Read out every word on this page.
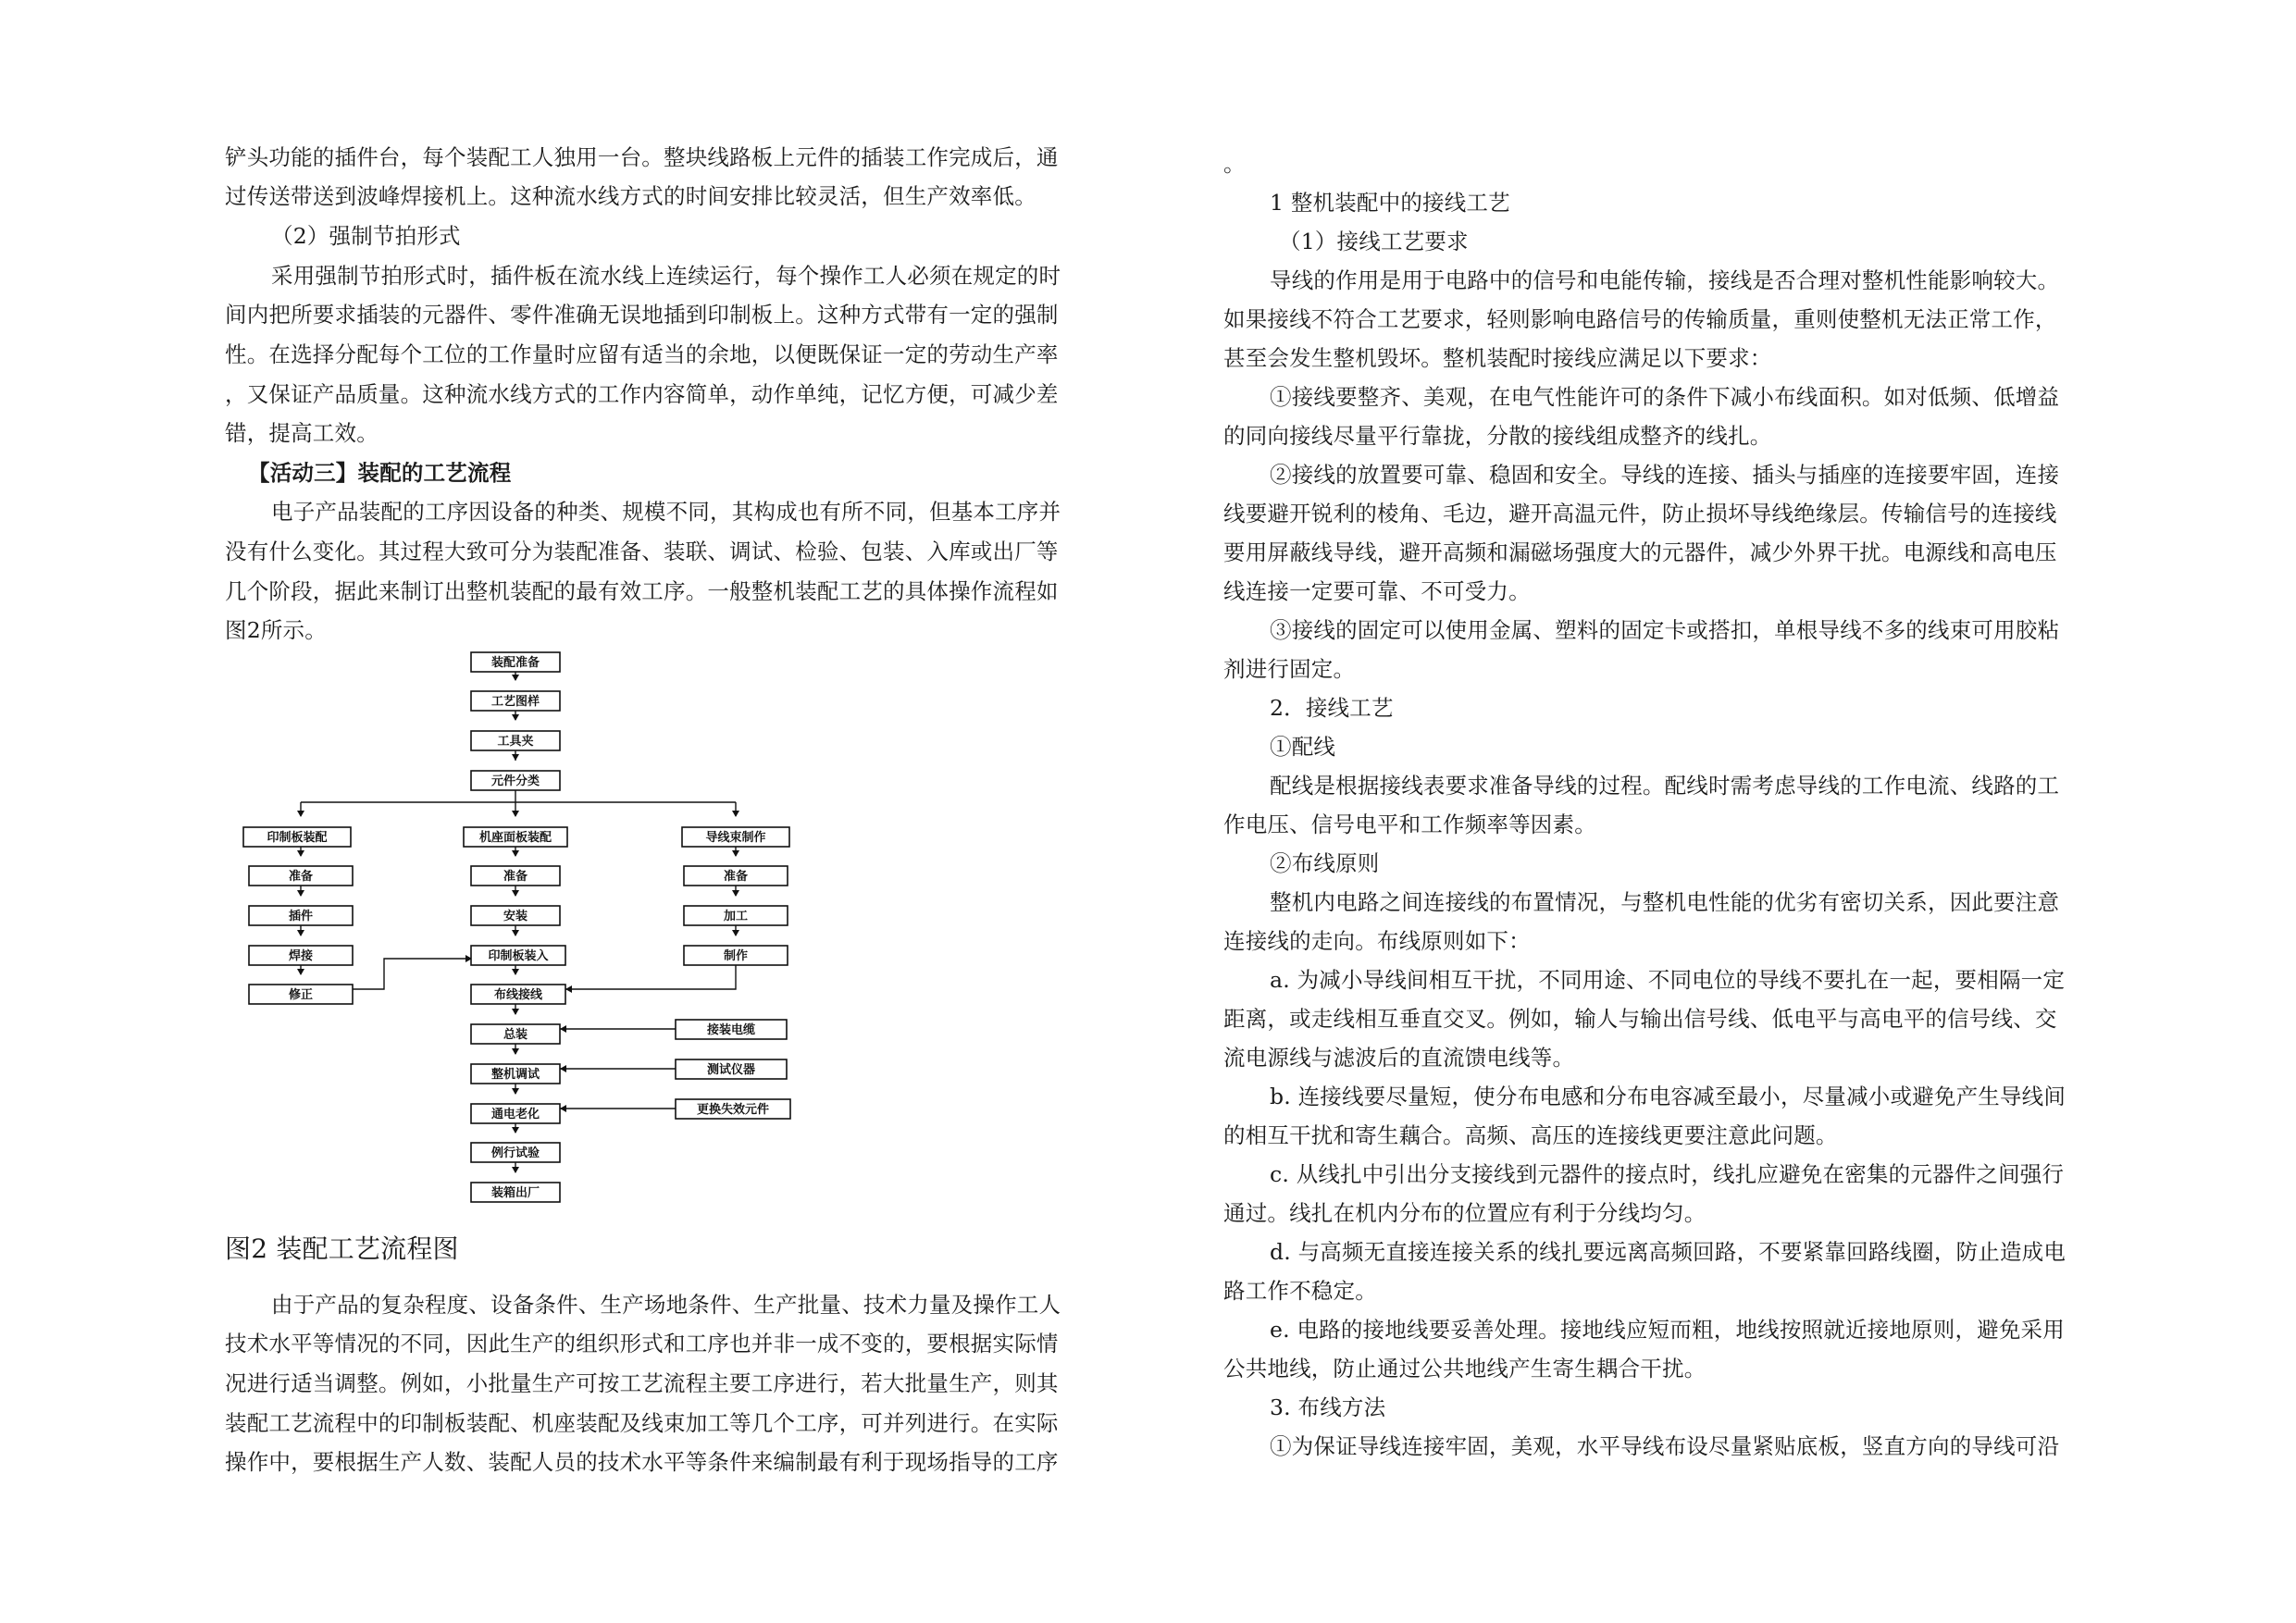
铲头功能的插件台，每个装配工人独用一台。整块线路板上元件的插装工作完成后，通
过传送带送到波峰焊接机上。这种流水线方式的时间安排比较灵活，但生产效率低。
（2）强制节拍形式
采用强制节拍形式时，插件板在流水线上连续运行，每个操作工人必须在规定的时
间内把所要求插装的元器件、零件准确无误地插到印制板上。这种方式带有一定的强制
性。在选择分配每个工位的工作量时应留有适当的余地，以便既保证一定的劳动生产率
，又保证产品质量。这种流水线方式的工作内容简单，动作单纯，记忆方便，可减少差
错，提高工效。
【活动三】装配的工艺流程
电子产品装配的工序因设备的种类、规模不同，其构成也有所不同，但基本工序并
没有什么变化。其过程大致可分为装配准备、装联、调试、检验、包装、入库或出厂等
几个阶段，据此来制订出整机装配的最有效工序。一般整机装配工艺的具体操作流程如
图2所示。
图2 装配工艺流程图
由于产品的复杂程度、设备条件、生产场地条件、生产批量、技术力量及操作工人
技术水平等情况的不同，因此生产的组织形式和工序也并非一成不变的，要根据实际情
况进行适当调整。例如，小批量生产可按工艺流程主要工序进行，若大批量生产，则其
装配工艺流程中的印制板装配、机座装配及线束加工等几个工序，可并列进行。在实际
操作中，要根据生产人数、装配人员的技术水平等条件来编制最有利于现场指导的工序
装配准备
工艺图样
工具夹
元件分类
印制板装配
准备
插件
焊接
修正
机座面板装配
准备
安装
印制板装入
布线接线
总装
整机调试
通电老化
例行试验
装箱出厂
导线束制作
准备
加工
制作
接装电缆
测试仪器
更换失效元件
。
1 整机装配中的接线工艺
（1）接线工艺要求
导线的作用是用于电路中的信号和电能传输，接线是否合理对整机性能影响较大。
如果接线不符合工艺要求，轻则影响电路信号的传输质量，重则使整机无法正常工作，
甚至会发生整机毁坏。整机装配时接线应满足以下要求：
①接线要整齐、美观，在电气性能许可的条件下减小布线面积。如对低频、低增益
的同向接线尽量平行靠拢，分散的接线组成整齐的线扎。
②接线的放置要可靠、稳固和安全。导线的连接、插头与插座的连接要牢固，连接
线要避开锐利的棱角、毛边，避开高温元件，防止损坏导线绝缘层。传输信号的连接线
要用屏蔽线导线，避开高频和漏磁场强度大的元器件，减少外界干扰。电源线和高电压
线连接一定要可靠、不可受力。
③接线的固定可以使用金属、塑料的固定卡或搭扣，单根导线不多的线束可用胶粘
剂进行固定。
2．接线工艺
①配线
配线是根据接线表要求准备导线的过程。配线时需考虑导线的工作电流、线路的工
作电压、信号电平和工作频率等因素。
②布线原则
整机内电路之间连接线的布置情况，与整机电性能的优劣有密切关系，因此要注意
连接线的走向。布线原则如下：
a. 为减小导线间相互干扰，不同用途、不同电位的导线不要扎在一起，要相隔一定
距离，或走线相互垂直交叉。例如，输人与输出信号线、低电平与高电平的信号线、交
流电源线与滤波后的直流馈电线等。
b. 连接线要尽量短，使分布电感和分布电容减至最小，尽量减小或避免产生导线间
的相互干扰和寄生藕合。高频、高压的连接线更要注意此问题。
c. 从线扎中引出分支接线到元器件的接点时，线扎应避免在密集的元器件之间强行
通过。线扎在机内分布的位置应有利于分线均匀。
d. 与高频无直接连接关系的线扎要远离高频回路，不要紧靠回路线圈，防止造成电
路工作不稳定。
e. 电路的接地线要妥善处理。接地线应短而粗，地线按照就近接地原则，避免采用
公共地线，防止通过公共地线产生寄生耦合干扰。
3. 布线方法
①为保证导线连接牢固，美观，水平导线布设尽量紧贴底板，竖直方向的导线可沿
